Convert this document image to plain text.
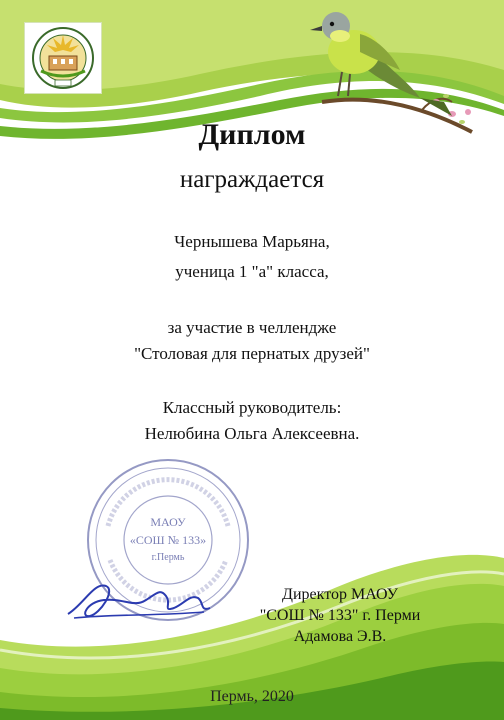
Диплом
награждается
Чернышева Марьяна,
ученица 1 "а" класса,
за участие в челлендже
"Столовая для пернатых друзей"
Классный руководитель:
Нелюбина Ольга Алексеевна.
МАОУ
«СОШ № 133»
г.Пермь
Директор МАОУ
"СОШ № 133" г. Перми
Адамова Э.В.
Пермь, 2020
